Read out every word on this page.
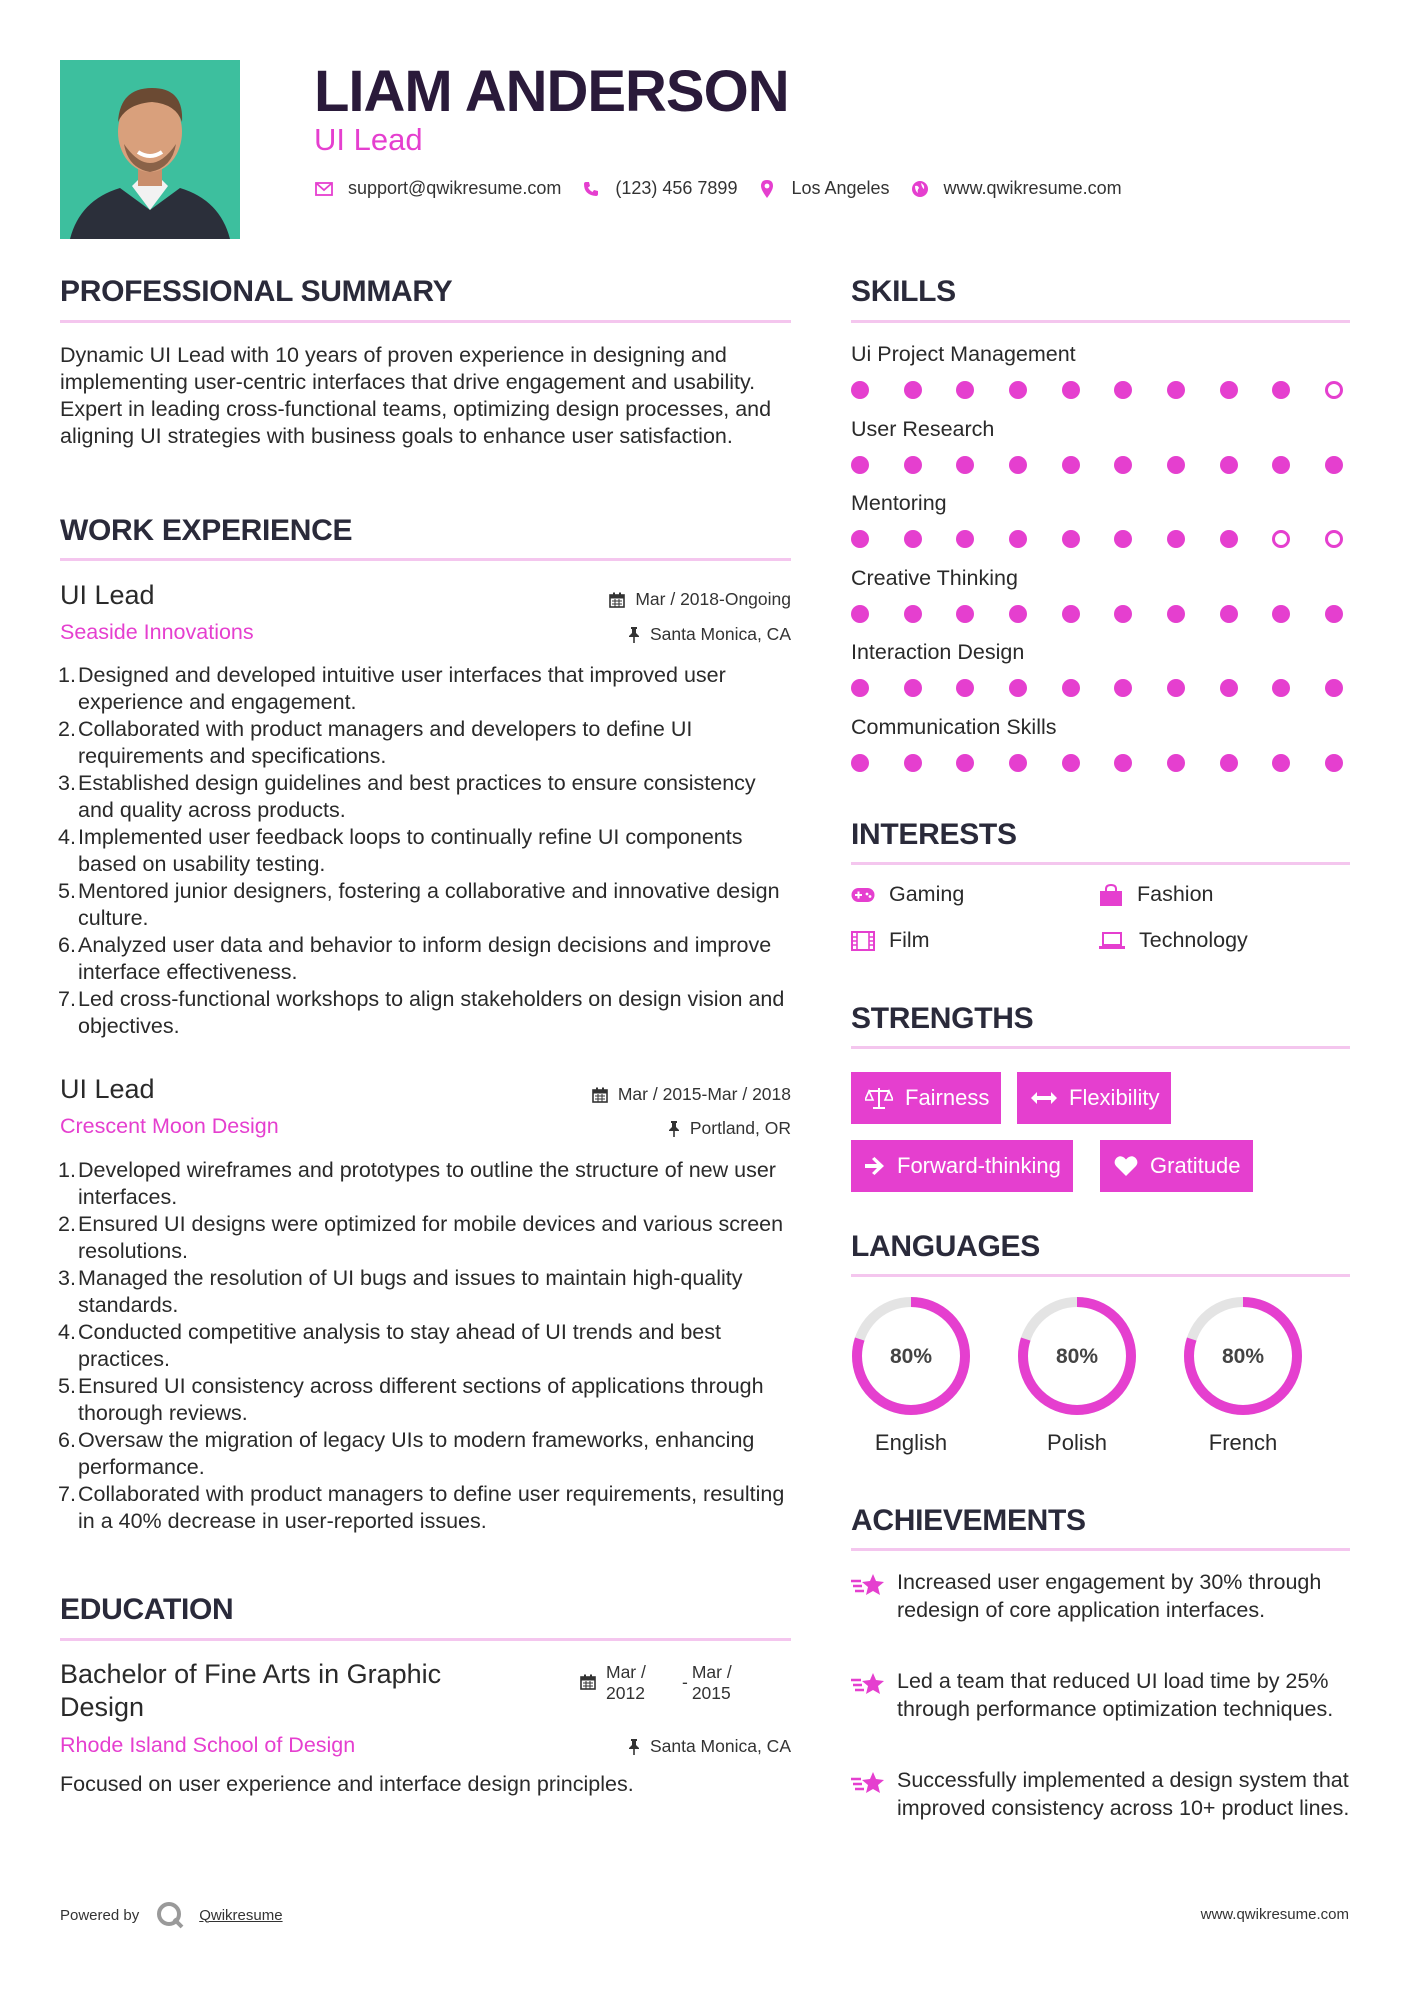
LIAM ANDERSON
UI Lead
support@qwikresume.com	(123) 456 7899	Los Angeles	www.qwikresume.com
PROFESSIONAL SUMMARY
Dynamic UI Lead with 10 years of proven experience in designing and implementing user-centric interfaces that drive engagement and usability. Expert in leading cross-functional teams, optimizing design processes, and aligning UI strategies with business goals to enhance user satisfaction.
WORK EXPERIENCE
UI Lead
Seaside Innovations
Mar / 2018-Ongoing
Santa Monica, CA
1. Designed and developed intuitive user interfaces that improved user experience and engagement.
2. Collaborated with product managers and developers to define UI requirements and specifications.
3. Established design guidelines and best practices to ensure consistency and quality across products.
4. Implemented user feedback loops to continually refine UI components based on usability testing.
5. Mentored junior designers, fostering a collaborative and innovative design culture.
6. Analyzed user data and behavior to inform design decisions and improve interface effectiveness.
7. Led cross-functional workshops to align stakeholders on design vision and objectives.
UI Lead
Crescent Moon Design
Mar / 2015-Mar / 2018
Portland, OR
1. Developed wireframes and prototypes to outline the structure of new user interfaces.
2. Ensured UI designs were optimized for mobile devices and various screen resolutions.
3. Managed the resolution of UI bugs and issues to maintain high-quality standards.
4. Conducted competitive analysis to stay ahead of UI trends and best practices.
5. Ensured UI consistency across different sections of applications through thorough reviews.
6. Oversaw the migration of legacy UIs to modern frameworks, enhancing performance.
7. Collaborated with product managers to define user requirements, resulting in a 40% decrease in user-reported issues.
EDUCATION
Bachelor of Fine Arts in Graphic Design
Rhode Island School of Design
Mar / 2012
- Mar / 2015
Santa Monica, CA
Focused on user experience and interface design principles.
SKILLS
Ui Project Management
User Research
Mentoring
Creative Thinking
Interaction Design
Communication Skills
INTERESTS
Gaming	Fashion
Film	Technology
STRENGTHS
Fairness	Flexibility
Forward-thinking	Gratitude
LANGUAGES
80%
English
80%
Polish
80%
French
ACHIEVEMENTS
Increased user engagement by 30% through redesign of core application interfaces.
Led a team that reduced UI load time by 25% through performance optimization techniques.
Successfully implemented a design system that improved consistency across 10+ product lines.
Powered by	Qwikresume	www.qwikresume.com
